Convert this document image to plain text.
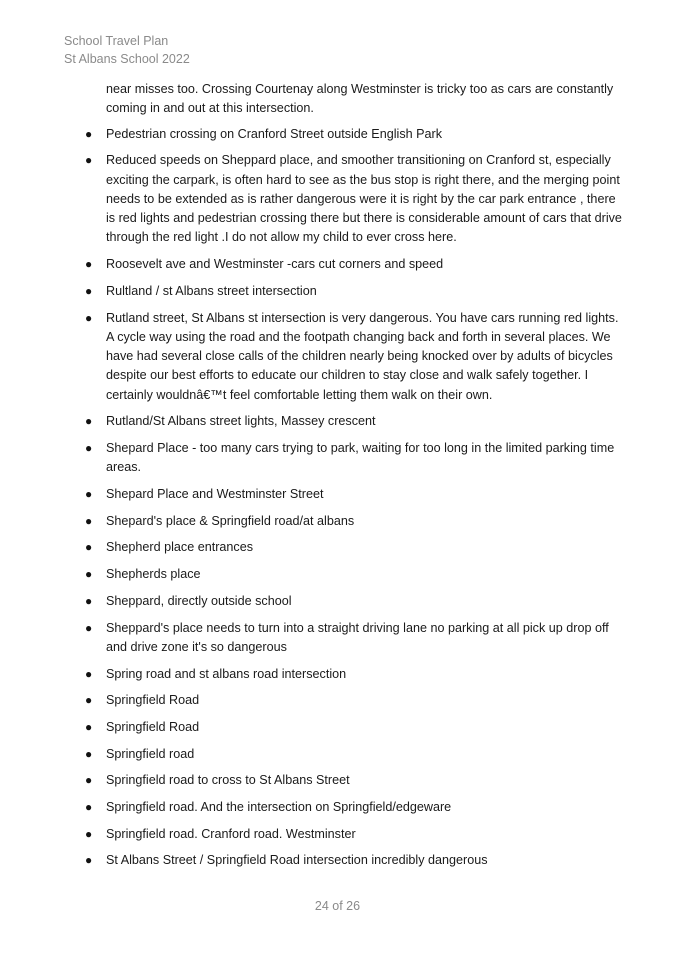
School Travel Plan
St Albans School 2022

near misses too. Crossing Courtenay along Westminster is tricky too as cars are constantly coming in and out at this intersection.

● Pedestrian crossing on Cranford Street outside English Park
● Reduced speeds on Sheppard place, and smoother transitioning on Cranford st, especially exciting the carpark, is often hard to see as the bus stop is right there, and the merging point needs to be extended as is rather dangerous were it is right by the car park entrance , there is red lights and pedestrian crossing there but there is considerable amount of cars that drive through the red light .I do not allow my child to ever cross here.
● Roosevelt ave and Westminster -cars cut corners and speed
● Rultland / st Albans street intersection
● Rutland street, St Albans st intersection is very dangerous. You have cars running red lights. A cycle way using the road and the footpath changing back and forth in several places. We have had several close calls of the children nearly being knocked over by adults of bicycles despite our best efforts to educate our children to stay close and walk safely together. I certainly wouldnâ€™t feel comfortable letting them walk on their own.
● Rutland/St Albans street lights, Massey crescent
● Shepard Place - too many cars trying to park, waiting for too long in the limited parking time areas.
● Shepard Place and Westminster Street
● Shepard's place & Springfield road/at albans
● Shepherd place entrances
● Shepherds place
● Sheppard, directly outside school
● Sheppard's place needs to turn into a straight driving lane no parking at all pick up drop off and drive zone it's so dangerous
● Spring road and st albans road intersection
● Springfield Road
● Springfield Road
● Springfield road
● Springfield road to cross to St Albans Street
● Springfield road. And the intersection on Springfield/edgeware
● Springfield road. Cranford road. Westminster
● St Albans Street / Springfield Road intersection incredibly dangerous
24 of 26
